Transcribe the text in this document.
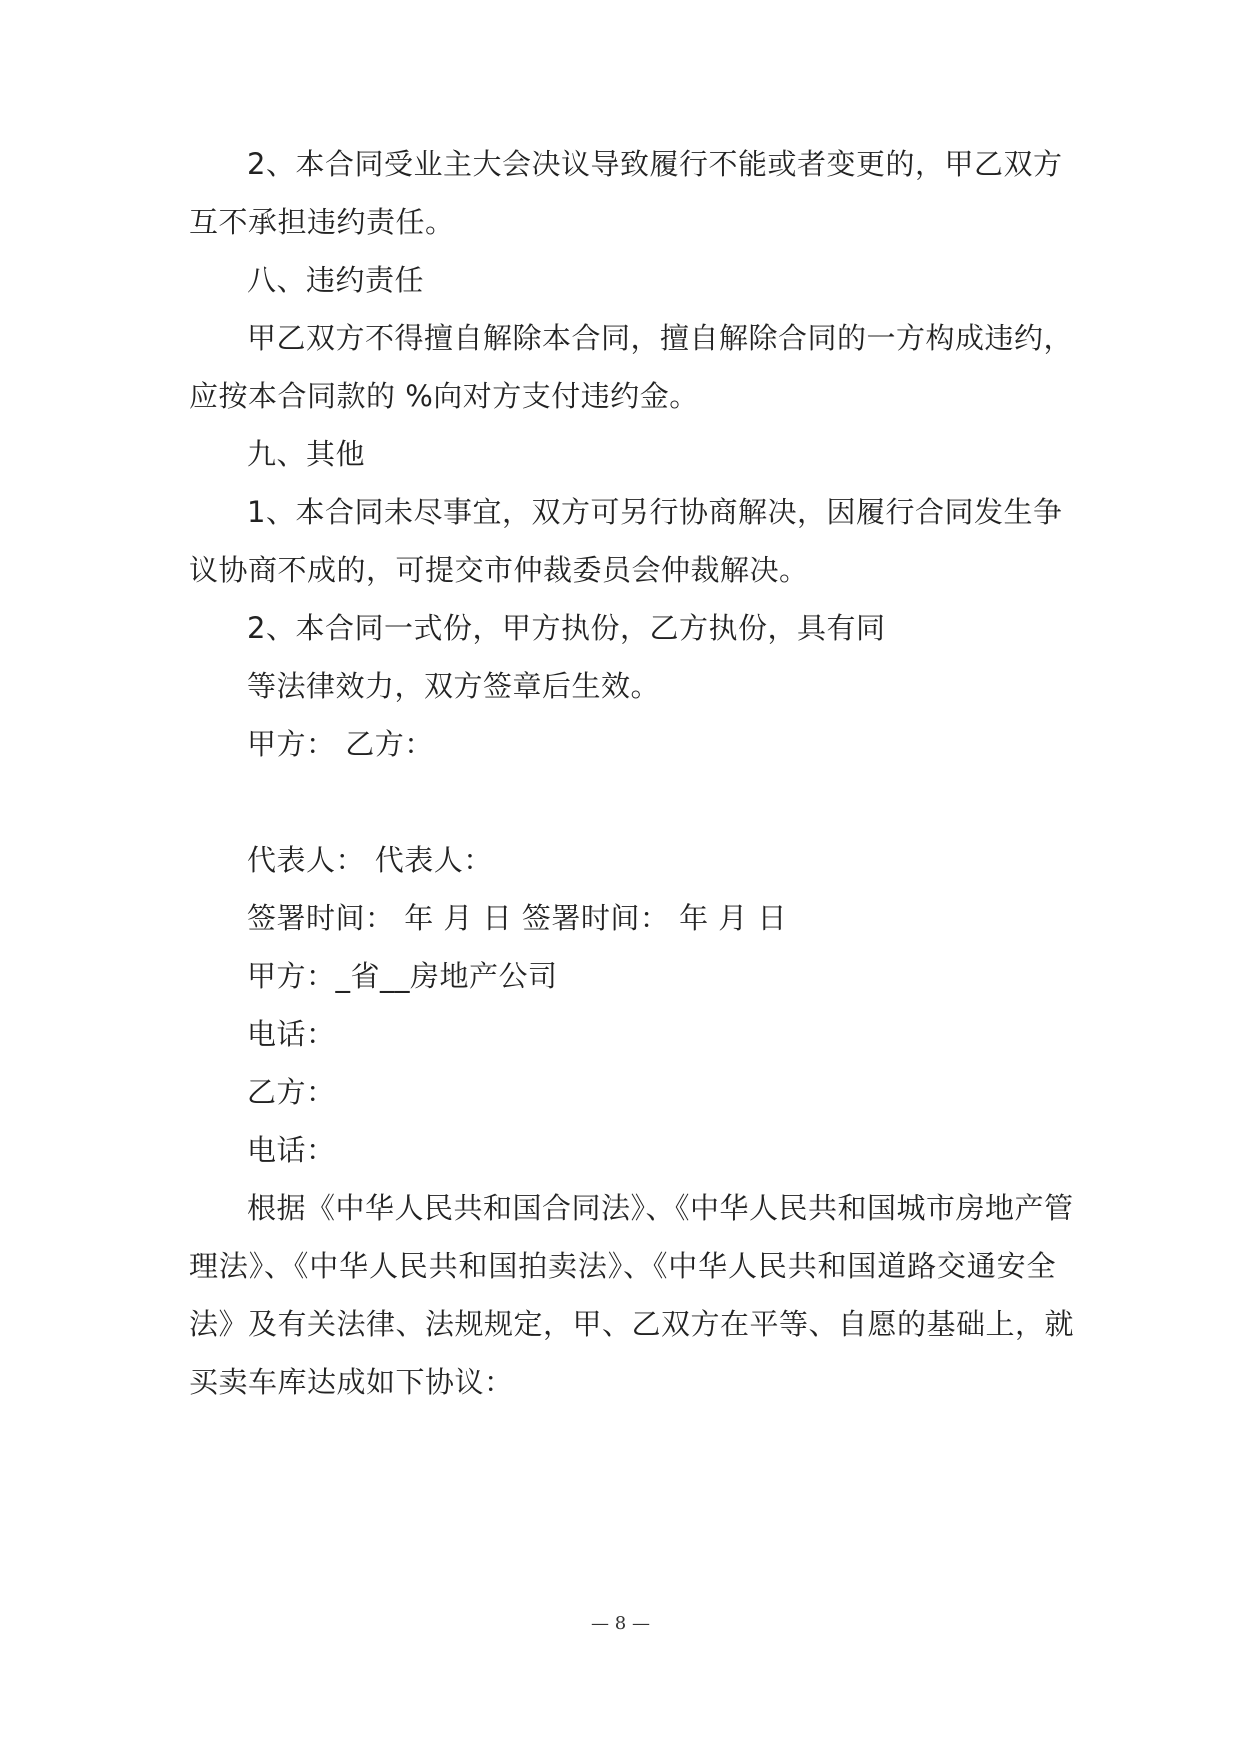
2、本合同受业主大会决议导致履行不能或者变更的，甲乙双方
互不承担违约责任。
八、违约责任
甲乙双方不得擅自解除本合同，擅自解除合同的一方构成违约，
应按本合同款的 %向对方支付违约金。
九、其他
1、本合同未尽事宜，双方可另行协商解决，因履行合同发生争
议协商不成的，可提交市仲裁委员会仲裁解决。
2、本合同一式份，甲方执份，乙方执份，具有同
等法律效力，双方签章后生效。
甲方： 乙方：
代表人： 代表人：
签署时间： 年 月 日 签署时间： 年 月 日
甲方：_省__房地产公司
电话：
乙方：
电话：
根据《中华人民共和国合同法》、《中华人民共和国城市房地产管
理法》、《中华人民共和国拍卖法》、《中华人民共和国道路交通安全
法》及有关法律、法规规定，甲、乙双方在平等、自愿的基础上，就
买卖车库达成如下协议：
— 8 —
